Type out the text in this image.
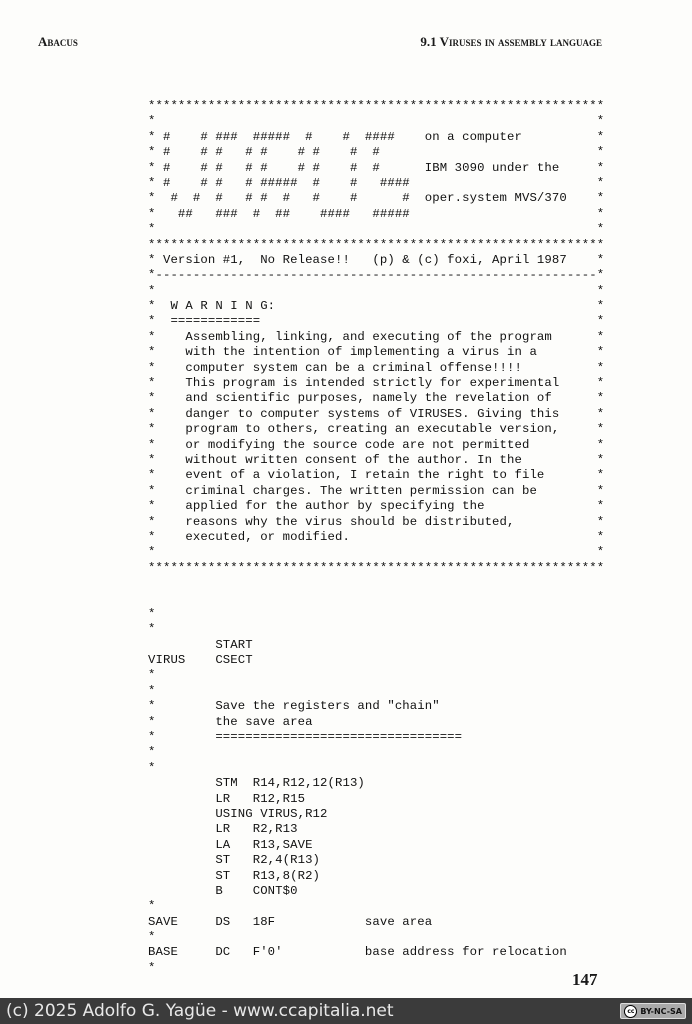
Abacus	9.1 Viruses in assembly language
*************************************************************
*                                                           *
* #    # ###  #####  #    #  ####    on a computer          *
* #    # #   # #    # #    #  #                             *
* #    # #   # #    # #    #  #      IBM 3090 under the     *
* #    # #   # #####  #    #   ####                         *
*  #  #  #   # #  #   #    #      #  oper.system MVS/370    *
*   ##   ###  #  ##    ####   #####                         *
*                                                           *
*************************************************************
* Version #1,  No Release!!   (p) & (c) foxi, April 1987    *
*-----------------------------------------------------------*
*                                                           *
*  W A R N I N G:                                           *
*  ============                                             *
*    Assembling, linking, and executing of the program      *
*    with the intention of implementing a virus in a        *
*    computer system can be a criminal offense!!!!          *
*    This program is intended strictly for experimental     *
*    and scientific purposes, namely the revelation of      *
*    danger to computer systems of VIRUSES. Giving this     *
*    program to others, creating an executable version,     *
*    or modifying the source code are not permitted         *
*    without written consent of the author. In the          *
*    event of a violation, I retain the right to file       *
*    criminal charges. The written permission can be        *
*    applied for the author by specifying the               *
*    reasons why the virus should be distributed,           *
*    executed, or modified.                                 *
*                                                           *
*************************************************************

*
*
START
VIRUS    CSECT
*
*
*        Save the registers and "chain"
*        the save area
*        =================================
*
*
STM  R14,R12,12(R13)
LR   R12,R15
USING VIRUS,R12
LR   R2,R13
LA   R13,SAVE
ST   R2,4(R13)
ST   R13,8(R2)
B    CONT$0
*
SAVE     DS   18F            save area
*
BASE     DC   F'0'           base address for relocation
*
147
(c) 2025 Adolfo G. Yagüe - www.ccapitalia.net	cc BY-NC-SA
